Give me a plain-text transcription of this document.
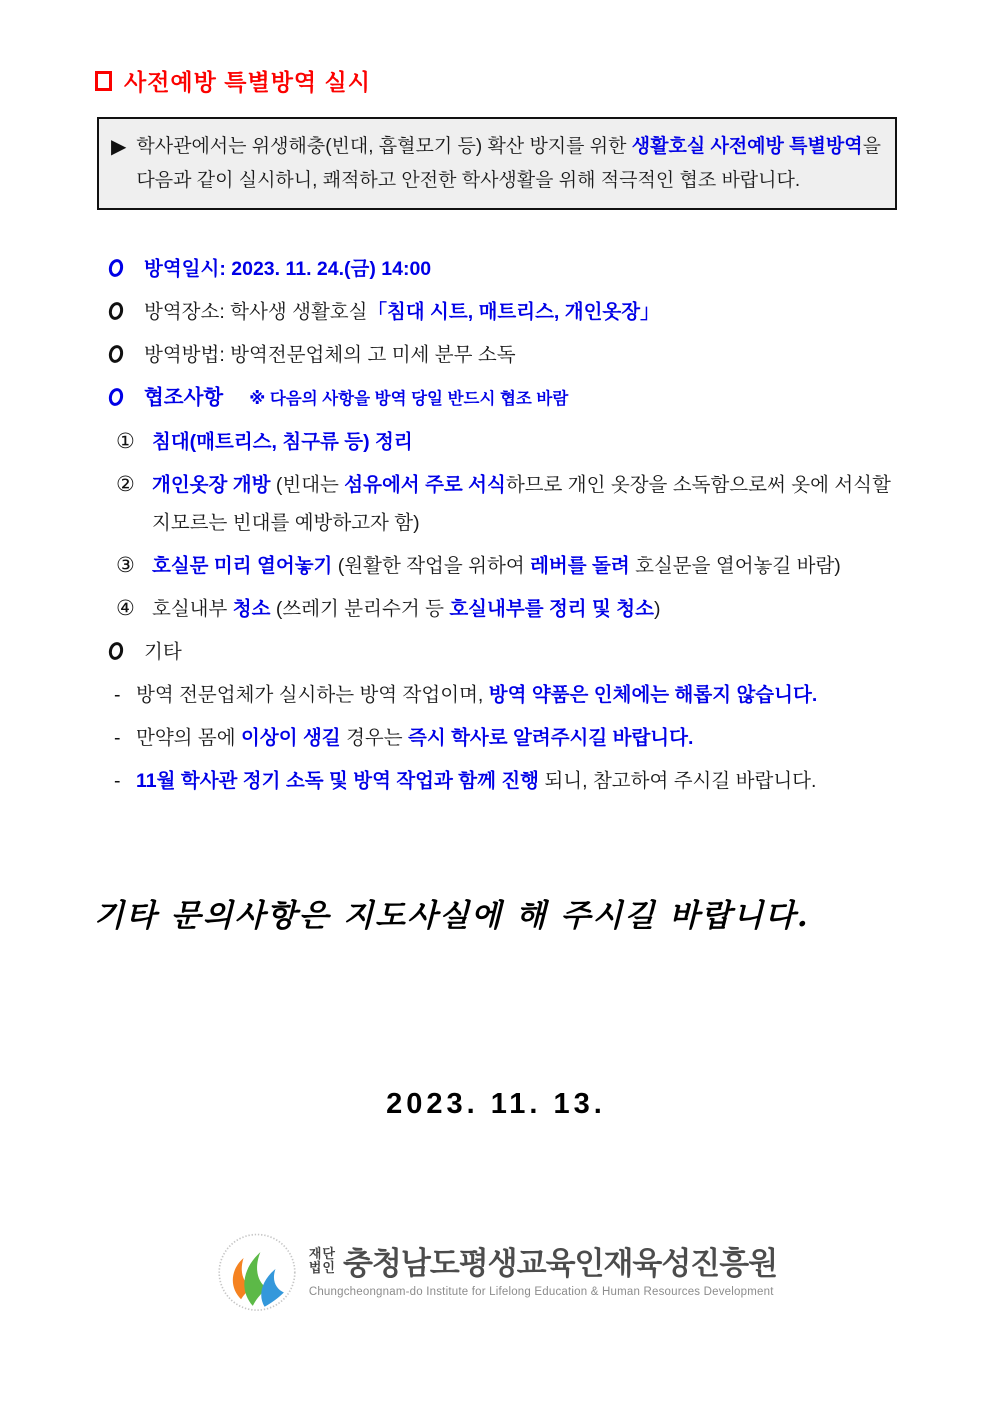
사전예방 특별방역 실시
▶ 학사관에서는 위생해충(빈대, 흡혈모기 등) 확산 방지를 위한 생활호실 사전예방 특별방역을 다음과 같이 실시하니, 쾌적하고 안전한 학사생활을 위해 적극적인 협조 바랍니다.
방역일시: 2023. 11. 24.(금) 14:00
방역장소: 학사생 생활호실「침대 시트, 매트리스, 개인옷장」
방역방법: 방역전문업체의 고 미세 분무 소독
협조사항 ※ 다음의 사항을 방역 당일 반드시 협조 바람
① 침대(매트리스, 침구류 등) 정리
② 개인옷장 개방 (빈대는 섬유에서 주로 서식하므로 개인 옷장을 소독함으로써 옷에 서식할 지모르는 빈대를 예방하고자 함)
③ 호실문 미리 열어놓기 (원활한 작업을 위하여 레버를 돌려 호실문을 열어놓길 바람)
④ 호실내부 청소 (쓰레기 분리수거 등 호실내부를 정리 및 청소)
기타
- 방역 전문업체가 실시하는 방역 작업이며, 방역 약품은 인체에는 해롭지 않습니다.
- 만약의 몸에 이상이 생길 경우는 즉시 학사로 알려주시길 바랍니다.
- 11월 학사관 정기 소독 및 방역 작업과 함께 진행 되니, 참고하여 주시길 바랍니다.
기타 문의사항은 지도사실에 해 주시길 바랍니다.
2023. 11. 13.
재단
법인 충청남도평생교육인재육성진흥원
Chungcheongnam-do Institute for Lifelong Education & Human Resources Development
